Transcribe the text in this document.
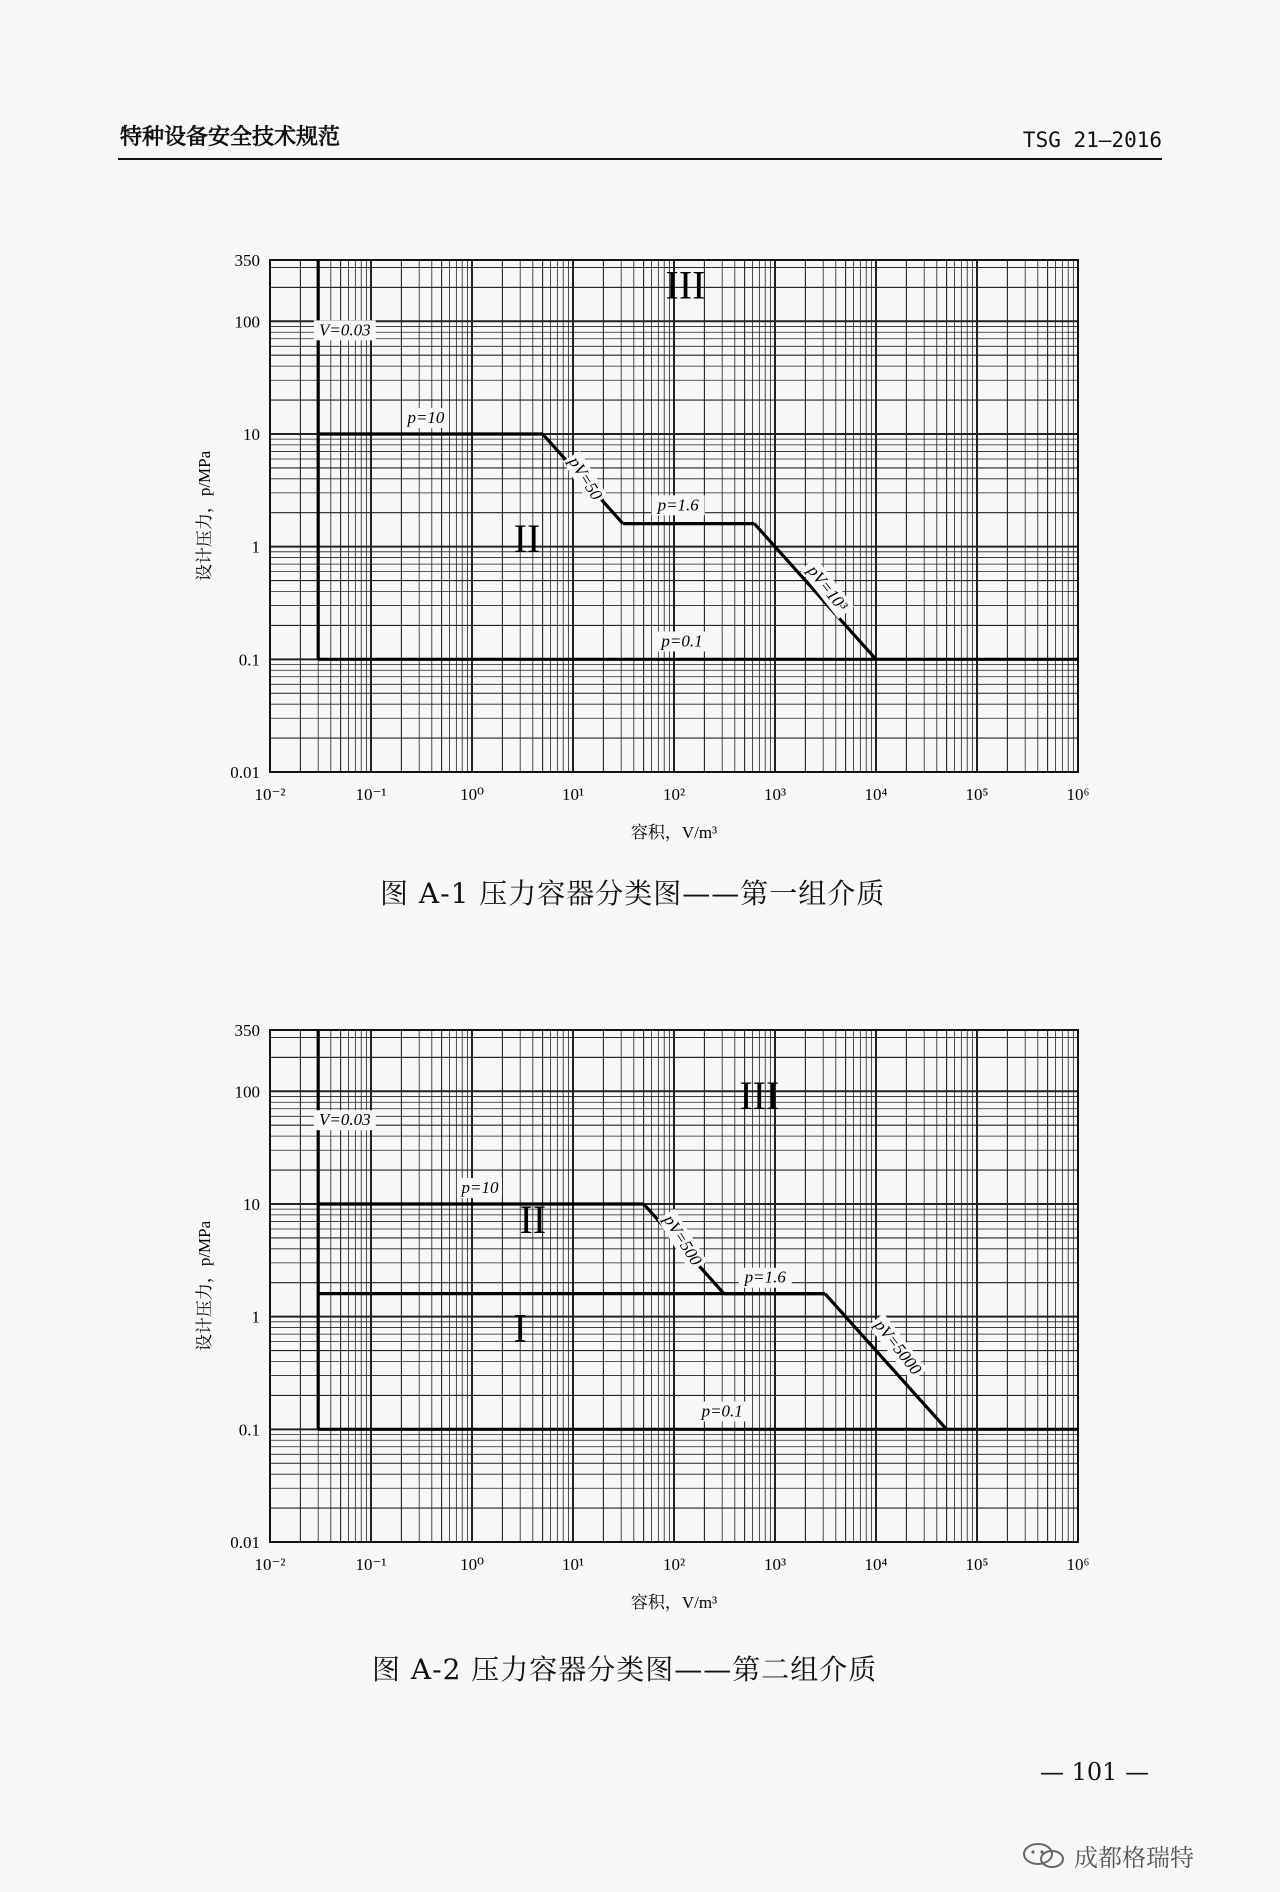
特种设备安全技术规范	TSG 21—2016
10⁻²	10⁻¹	10⁰	10¹	10²	10³	10⁴	10⁵	10⁶
0.01
0.1
1
10
100
350
容积，V/m³
设计压力，p/MPa
V=0.03
p=10
pV=50
p=1.6
pV=10³
p=0.1
III
II
图 A-1 压力容器分类图——第一组介质
10⁻²	10⁻¹	10⁰	10¹	10²	10³	10⁴	10⁵	10⁶
0.01
0.1
1
10
100
350
容积，V/m³
设计压力，p/MPa
V=0.03
p=10
pV=500
p=1.6
pV=5000
p=0.1
III
II
I
图 A-2 压力容器分类图——第二组介质
— 101 —
成都格瑞特
